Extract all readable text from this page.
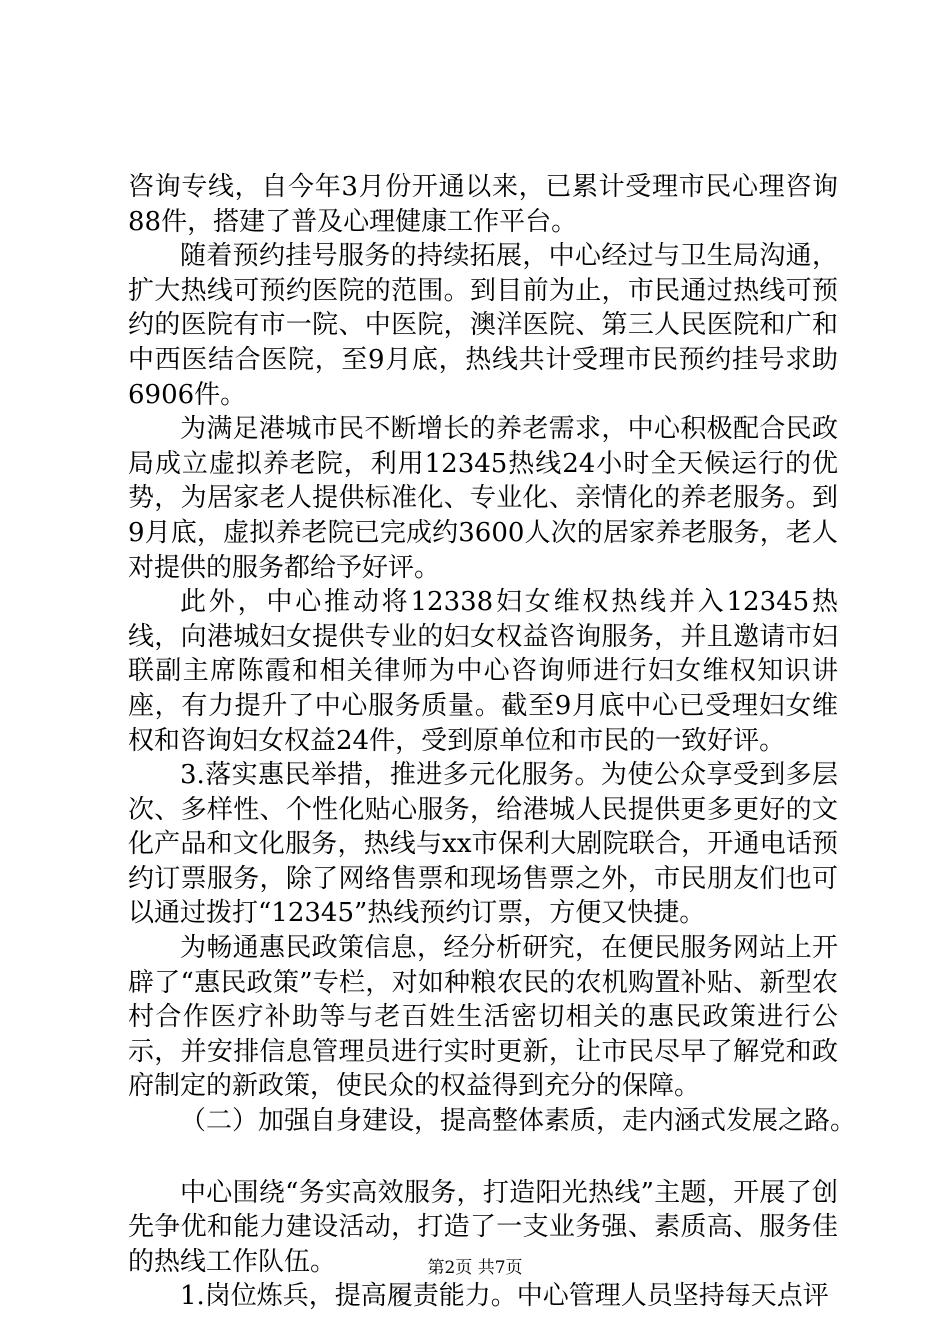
咨询专线，自今年3月份开通以来，已累计受理市民心理咨询88件，搭建了普及心理健康工作平台。

随着预约挂号服务的持续拓展，中心经过与卫生局沟通，扩大热线可预约医院的范围。到目前为止，市民通过热线可预约的医院有市一院、中医院，澳洋医院、第三人民医院和广和中西医结合医院，至9月底，热线共计受理市民预约挂号求助6906件。

为满足港城市民不断增长的养老需求，中心积极配合民政局成立虚拟养老院，利用12345热线24小时全天候运行的优势，为居家老人提供标准化、专业化、亲情化的养老服务。到9月底，虚拟养老院已完成约3600人次的居家养老服务，老人对提供的服务都给予好评。

此外，中心推动将12338妇女维权热线并入12345热线，向港城妇女提供专业的妇女权益咨询服务，并且邀请市妇联副主席陈霞和相关律师为中心咨询师进行妇女维权知识讲座，有力提升了中心服务质量。截至9月底中心已受理妇女维权和咨询妇女权益24件，受到原单位和市民的一致好评。

3.落实惠民举措，推进多元化服务。为使公众享受到多层次、多样性、个性化贴心服务，给港城人民提供更多更好的文化产品和文化服务，热线与xx市保利大剧院联合，开通电话预约订票服务，除了网络售票和现场售票之外，市民朋友们也可以通过拨打“12345”热线预约订票，方便又快捷。

为畅通惠民政策信息，经分析研究，在便民服务网站上开辟了“惠民政策”专栏，对如种粮农民的农机购置补贴、新型农村合作医疗补助等与老百姓生活密切相关的惠民政策进行公示，并安排信息管理员进行实时更新，让市民尽早了解党和政府制定的新政策，使民众的权益得到充分的保障。

（二）加强自身建设，提高整体素质，走内涵式发展之路。

中心围绕“务实高效服务，打造阳光热线”主题，开展了创先争优和能力建设活动，打造了一支业务强、素质高、服务佳的热线工作队伍。

1.岗位炼兵，提高履责能力。中心管理人员坚持每天点评

第2页 共7页
